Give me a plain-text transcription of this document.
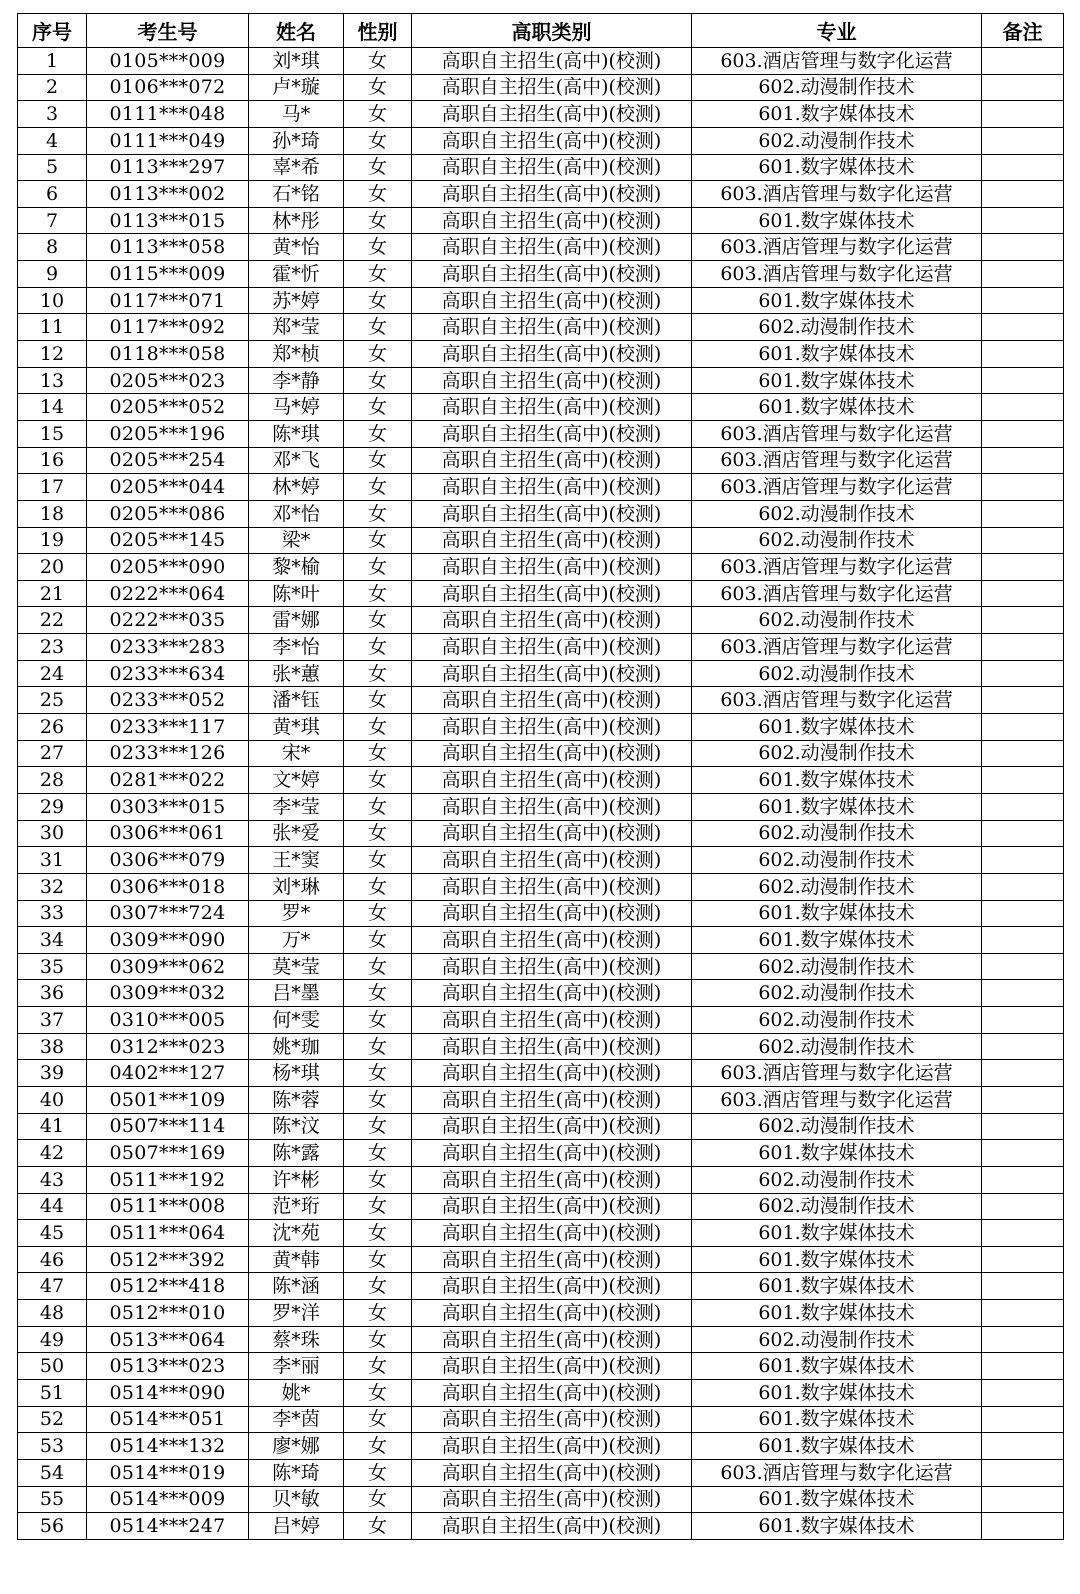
序号	考生号	姓名	性别	高职类别	专业	备注
1	0105***009	刘*琪	女	高职自主招生(高中)(校测)	603.酒店管理与数字化运营	
2	0106***072	卢*璇	女	高职自主招生(高中)(校测)	602.动漫制作技术	
3	0111***048	马*	女	高职自主招生(高中)(校测)	601.数字媒体技术	
4	0111***049	孙*琦	女	高职自主招生(高中)(校测)	602.动漫制作技术	
5	0113***297	辜*希	女	高职自主招生(高中)(校测)	601.数字媒体技术	
6	0113***002	石*铭	女	高职自主招生(高中)(校测)	603.酒店管理与数字化运营	
7	0113***015	林*彤	女	高职自主招生(高中)(校测)	601.数字媒体技术	
8	0113***058	黄*怡	女	高职自主招生(高中)(校测)	603.酒店管理与数字化运营	
9	0115***009	霍*忻	女	高职自主招生(高中)(校测)	603.酒店管理与数字化运营	
10	0117***071	苏*婷	女	高职自主招生(高中)(校测)	601.数字媒体技术	
11	0117***092	郑*莹	女	高职自主招生(高中)(校测)	602.动漫制作技术	
12	0118***058	郑*桢	女	高职自主招生(高中)(校测)	601.数字媒体技术	
13	0205***023	李*静	女	高职自主招生(高中)(校测)	601.数字媒体技术	
14	0205***052	马*婷	女	高职自主招生(高中)(校测)	601.数字媒体技术	
15	0205***196	陈*琪	女	高职自主招生(高中)(校测)	603.酒店管理与数字化运营	
16	0205***254	邓*飞	女	高职自主招生(高中)(校测)	603.酒店管理与数字化运营	
17	0205***044	林*婷	女	高职自主招生(高中)(校测)	603.酒店管理与数字化运营	
18	0205***086	邓*怡	女	高职自主招生(高中)(校测)	602.动漫制作技术	
19	0205***145	梁*	女	高职自主招生(高中)(校测)	602.动漫制作技术	
20	0205***090	黎*榆	女	高职自主招生(高中)(校测)	603.酒店管理与数字化运营	
21	0222***064	陈*叶	女	高职自主招生(高中)(校测)	603.酒店管理与数字化运营	
22	0222***035	雷*娜	女	高职自主招生(高中)(校测)	602.动漫制作技术	
23	0233***283	李*怡	女	高职自主招生(高中)(校测)	603.酒店管理与数字化运营	
24	0233***634	张*蕙	女	高职自主招生(高中)(校测)	602.动漫制作技术	
25	0233***052	潘*钰	女	高职自主招生(高中)(校测)	603.酒店管理与数字化运营	
26	0233***117	黄*琪	女	高职自主招生(高中)(校测)	601.数字媒体技术	
27	0233***126	宋*	女	高职自主招生(高中)(校测)	602.动漫制作技术	
28	0281***022	文*婷	女	高职自主招生(高中)(校测)	601.数字媒体技术	
29	0303***015	李*莹	女	高职自主招生(高中)(校测)	601.数字媒体技术	
30	0306***061	张*爱	女	高职自主招生(高中)(校测)	602.动漫制作技术	
31	0306***079	王*窦	女	高职自主招生(高中)(校测)	602.动漫制作技术	
32	0306***018	刘*琳	女	高职自主招生(高中)(校测)	602.动漫制作技术	
33	0307***724	罗*	女	高职自主招生(高中)(校测)	601.数字媒体技术	
34	0309***090	万*	女	高职自主招生(高中)(校测)	601.数字媒体技术	
35	0309***062	莫*莹	女	高职自主招生(高中)(校测)	602.动漫制作技术	
36	0309***032	吕*墨	女	高职自主招生(高中)(校测)	602.动漫制作技术	
37	0310***005	何*雯	女	高职自主招生(高中)(校测)	602.动漫制作技术	
38	0312***023	姚*珈	女	高职自主招生(高中)(校测)	602.动漫制作技术	
39	0402***127	杨*琪	女	高职自主招生(高中)(校测)	603.酒店管理与数字化运营	
40	0501***109	陈*蓉	女	高职自主招生(高中)(校测)	603.酒店管理与数字化运营	
41	0507***114	陈*汶	女	高职自主招生(高中)(校测)	602.动漫制作技术	
42	0507***169	陈*露	女	高职自主招生(高中)(校测)	601.数字媒体技术	
43	0511***192	许*彬	女	高职自主招生(高中)(校测)	602.动漫制作技术	
44	0511***008	范*珩	女	高职自主招生(高中)(校测)	602.动漫制作技术	
45	0511***064	沈*苑	女	高职自主招生(高中)(校测)	601.数字媒体技术	
46	0512***392	黄*韩	女	高职自主招生(高中)(校测)	601.数字媒体技术	
47	0512***418	陈*涵	女	高职自主招生(高中)(校测)	601.数字媒体技术	
48	0512***010	罗*洋	女	高职自主招生(高中)(校测)	601.数字媒体技术	
49	0513***064	蔡*珠	女	高职自主招生(高中)(校测)	602.动漫制作技术	
50	0513***023	李*丽	女	高职自主招生(高中)(校测)	601.数字媒体技术	
51	0514***090	姚*	女	高职自主招生(高中)(校测)	601.数字媒体技术	
52	0514***051	李*茵	女	高职自主招生(高中)(校测)	601.数字媒体技术	
53	0514***132	廖*娜	女	高职自主招生(高中)(校测)	601.数字媒体技术	
54	0514***019	陈*琦	女	高职自主招生(高中)(校测)	603.酒店管理与数字化运营	
55	0514***009	贝*敏	女	高职自主招生(高中)(校测)	601.数字媒体技术	
56	0514***247	吕*婷	女	高职自主招生(高中)(校测)	601.数字媒体技术	
